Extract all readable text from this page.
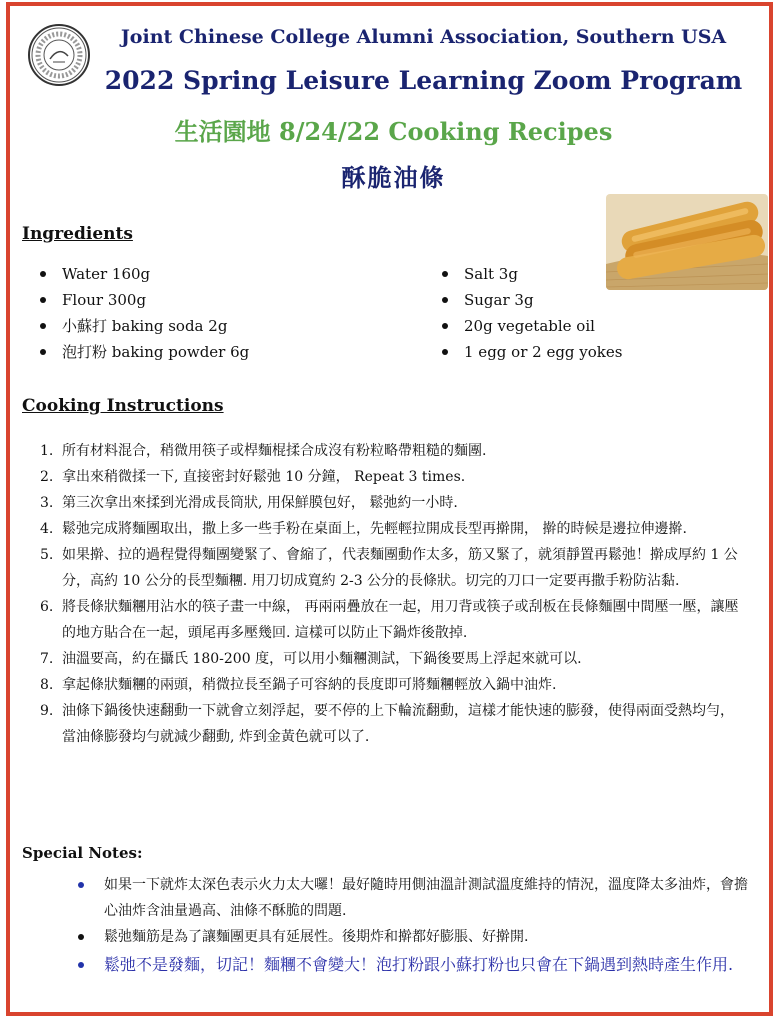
Joint Chinese College Alumni Association, Southern USA
2022 Spring Leisure Learning Zoom Program
生活園地 8/24/22 Cooking Recipes
酥脆油條
Ingredients
Water 160g
Flour 300g
小蘇打 baking soda 2g
泡打粉 baking powder 6g
Salt 3g
Sugar 3g
20g vegetable oil
1 egg or 2 egg yokes
Cooking Instructions
1. 所有材料混合，稍微用筷子或桿麵棍揉合成沒有粉粒略帶粗糙的麵團.
2. 拿出來稍微揉一下, 直接密封好鬆弛 10 分鐘， Repeat 3 times.
3. 第三次拿出來揉到光滑成長筒狀, 用保鮮膜包好， 鬆弛約一小時.
4. 鬆弛完成將麵團取出，撒上多一些手粉在桌面上，先輕輕拉開成長型再擀開， 擀的時候是邊拉伸邊擀.
5. 如果擀、拉的過程覺得麵團變緊了、會縮了，代表麵團動作太多，筋又緊了，就須靜置再鬆弛！擀成厚約 1 公分，高約 10 公分的長型麵糰. 用刀切成寬約 2-3 公分的長條狀。切完的刀口一定要再撒手粉防沾黏.
6. 將長條狀麵糰用沾水的筷子畫一中線， 再兩兩疊放在一起，用刀背或筷子或刮板在長條麵團中間壓一壓，讓壓的地方貼合在一起，頭尾再多壓幾回. 這樣可以防止下鍋炸後散掉.
7. 油溫要高，約在攝氏 180-200 度，可以用小麵糰測試，下鍋後要馬上浮起來就可以.
8. 拿起條狀麵糰的兩頭，稍微拉長至鍋子可容納的長度即可將麵糰輕放入鍋中油炸.
9. 油條下鍋後快速翻動一下就會立刻浮起，要不停的上下輪流翻動，這樣才能快速的膨發，使得兩面受熱均勻，當油條膨發均勻就減少翻動, 炸到金黃色就可以了.
Special Notes:
如果一下就炸太深色表示火力太大囉！最好隨時用側油溫計測試溫度維持的情況，溫度降太多油炸，會擔心油炸含油量過高、油條不酥脆的問題.
鬆弛麵筋是為了讓麵團更具有延展性。後期炸和擀都好膨脹、好擀開.
鬆弛不是發麵，切記！麵糰不會變大！泡打粉跟小蘇打粉也只會在下鍋遇到熱時產生作用.
